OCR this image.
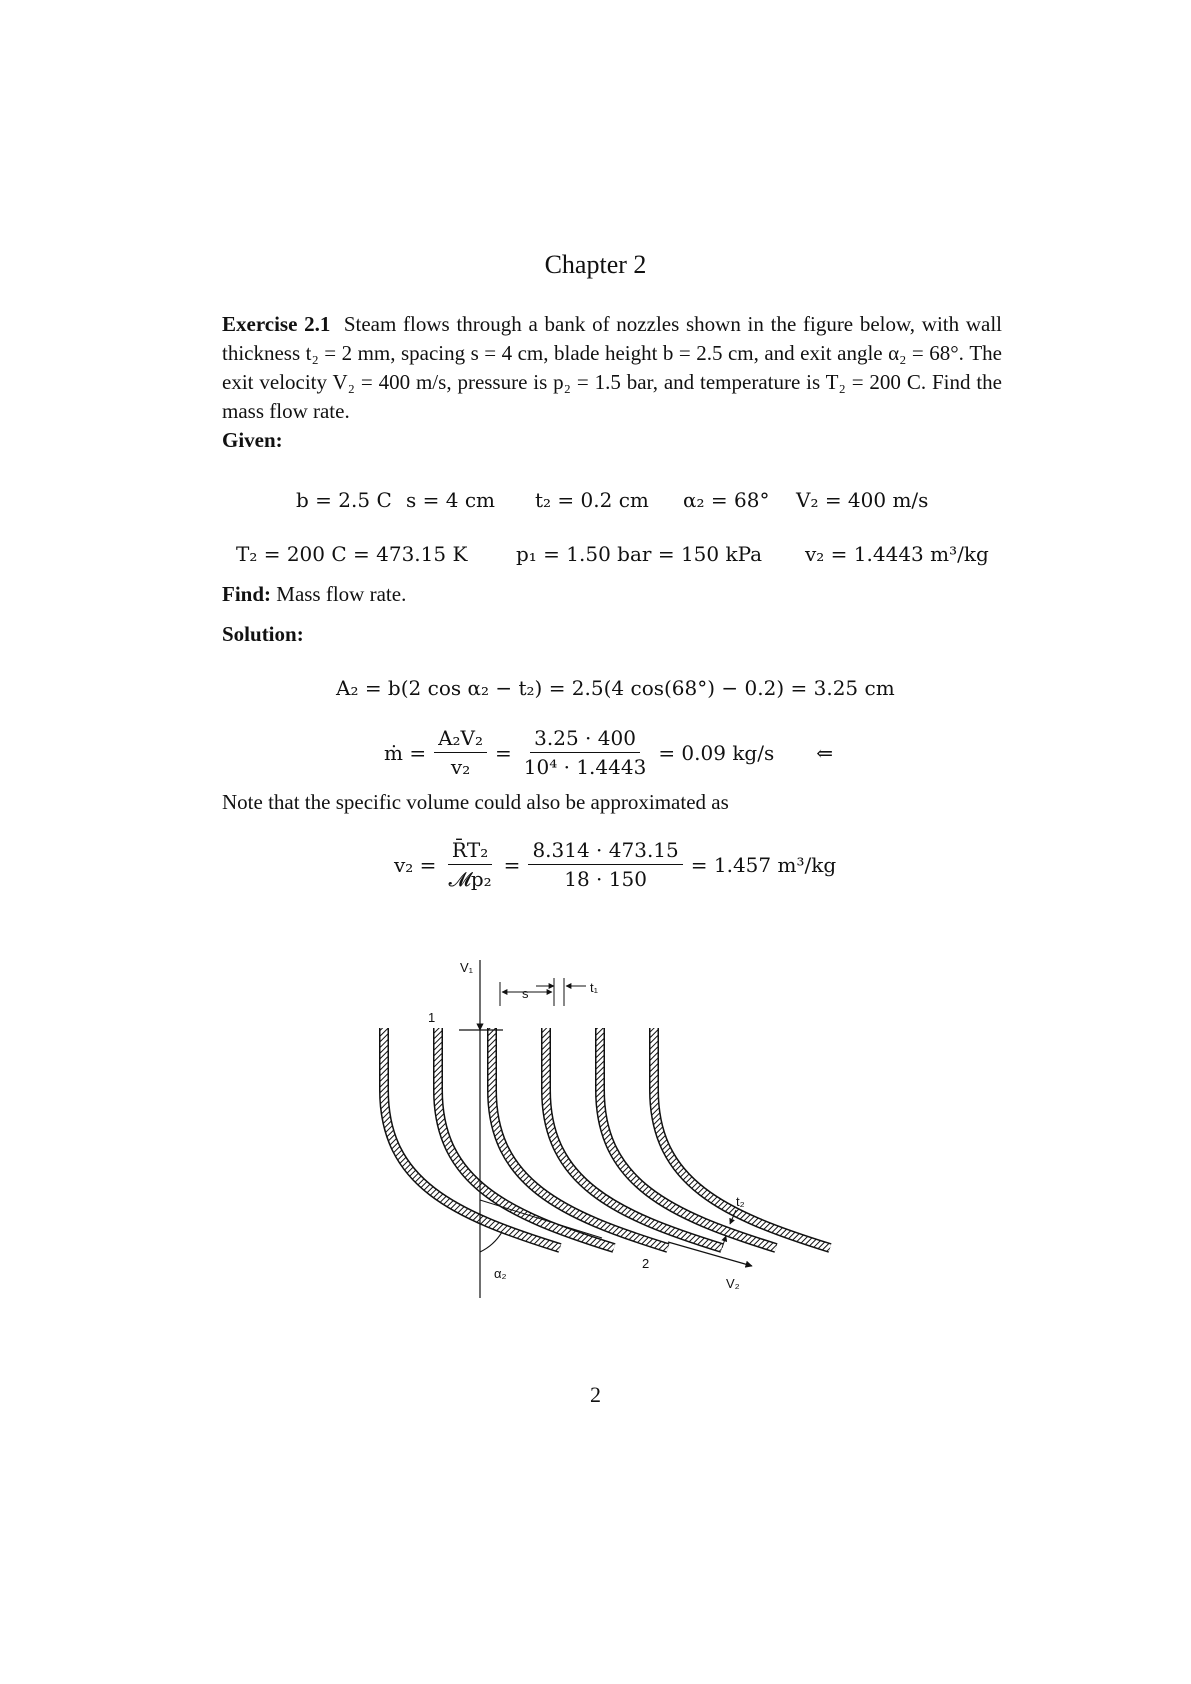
Chapter 2
Exercise 2.1 Steam flows through a bank of nozzles shown in the figure below, with wall thickness t₂ = 2 mm, spacing s = 4 cm, blade height b = 2.5 cm, and exit angle α₂ = 68°. The exit velocity V₂ = 400 m/s, pressure is p₂ = 1.5 bar, and temperature is T₂ = 200 C. Find the mass flow rate.
Given:
b = 2.5 C s = 4 cm t₂ = 0.2 cm α₂ = 68° V₂ = 400 m/s
T₂ = 200 C = 473.15 K p₁ = 1.50 bar = 150 kPa v₂ = 1.4443 m³/kg
Find: Mass flow rate.
Solution:
A₂ = b(2 cos α₂ − t₂) = 2.5(4 cos(68°) − 0.2) = 3.25 cm
ṁ = $\frac{\text{A₂V₂}}{\text{v₂}} = \frac{3.25 \cdot 400}{\text{10⁴ · 1.4443}} = 0.09$ kg/s ⇐
Note that the specific volume could also be approximated as
$v_2 = \frac{\text{R̄T₂}}{\text{𝓜p₂}} = \frac{8.314 \cdot 473.15}{18 \cdot 150} = 1.457$ m³/kg
V₁
1
s	t₁
t₂
α₂
2
V₂
2
